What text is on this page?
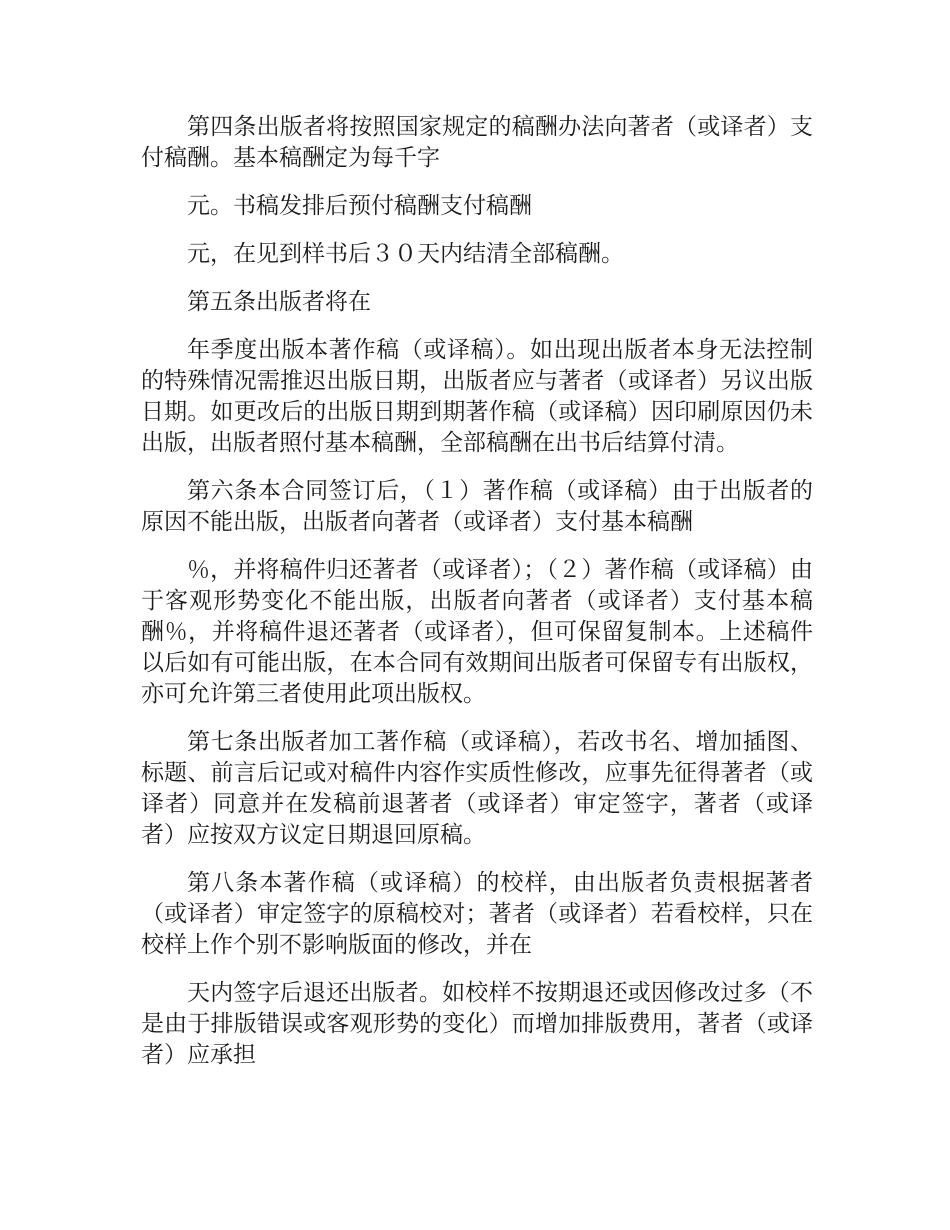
第四条出版者将按照国家规定的稿酬办法向著者（或译者）支付稿酬。基本稿酬定为每千字

元。书稿发排后预付稿酬支付稿酬

元，在见到样书后３０天内结清全部稿酬。

第五条出版者将在

年季度出版本著作稿（或译稿）。如出现出版者本身无法控制的特殊情况需推迟出版日期，出版者应与著者（或译者）另议出版日期。如更改后的出版日期到期著作稿（或译稿）因印刷原因仍未出版，出版者照付基本稿酬，全部稿酬在出书后结算付清。

第六条本合同签订后，（１）著作稿（或译稿）由于出版者的原因不能出版，出版者向著者（或译者）支付基本稿酬

％，并将稿件归还著者（或译者）；（２）著作稿（或译稿）由于客观形势变化不能出版，出版者向著者（或译者）支付基本稿酬％，并将稿件退还著者（或译者），但可保留复制本。上述稿件以后如有可能出版，在本合同有效期间出版者可保留专有出版权，亦可允许第三者使用此项出版权。

第七条出版者加工著作稿（或译稿），若改书名、增加插图、标题、前言后记或对稿件内容作实质性修改，应事先征得著者（或译者）同意并在发稿前退著者（或译者）审定签字，著者（或译者）应按双方议定日期退回原稿。

第八条本著作稿（或译稿）的校样，由出版者负责根据著者（或译者）审定签字的原稿校对；著者（或译者）若看校样，只在校样上作个别不影响版面的修改，并在

天内签字后退还出版者。如校样不按期退还或因修改过多（不是由于排版错误或客观形势的变化）而增加排版费用，著者（或译者）应承担
